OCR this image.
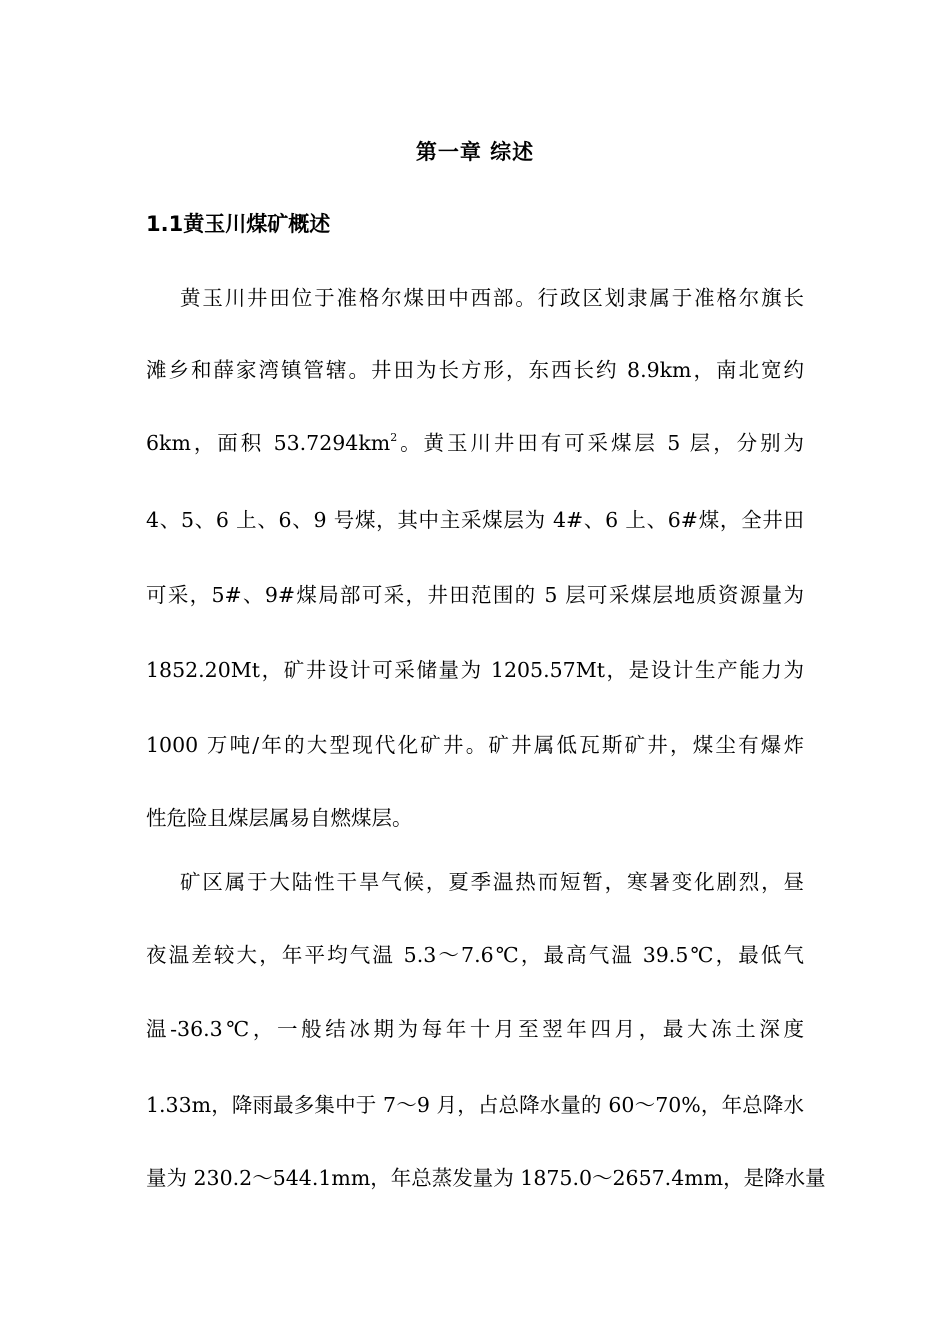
第一章 综述
1.1黄玉川煤矿概述
黄玉川井田位于准格尔煤田中西部。行政区划隶属于准格尔旗长
滩乡和薛家湾镇管辖。井田为长方形，东西长约 8.9km，南北宽约
6km，面积 $53.7294km^2$。黄玉川井田有可采煤层 5 层，分别为
4、5、6 上、6、9 号煤，其中主采煤层为 4#、6 上、6#煤，全井田
可采，5#、9#煤局部可采，井田范围的 5 层可采煤层地质资源量为
1852.20Mt，矿井设计可采储量为 1205.57Mt，是设计生产能力为
1000 万吨/年的大型现代化矿井。矿井属低瓦斯矿井，煤尘有爆炸
性危险且煤层属易自燃煤层。
矿区属于大陆性干旱气候，夏季温热而短暂，寒暑变化剧烈，昼
夜温差较大，年平均气温 5.3～7.6℃，最高气温 39.5℃，最低气
温-36.3℃，一般结冰期为每年十月至翌年四月，最大冻土深度
1.33m，降雨最多集中于 7～9 月，占总降水量的 60～70%，年总降水
量为 230.2～544.1mm，年总蒸发量为 1875.0～2657.4mm，是降水量
